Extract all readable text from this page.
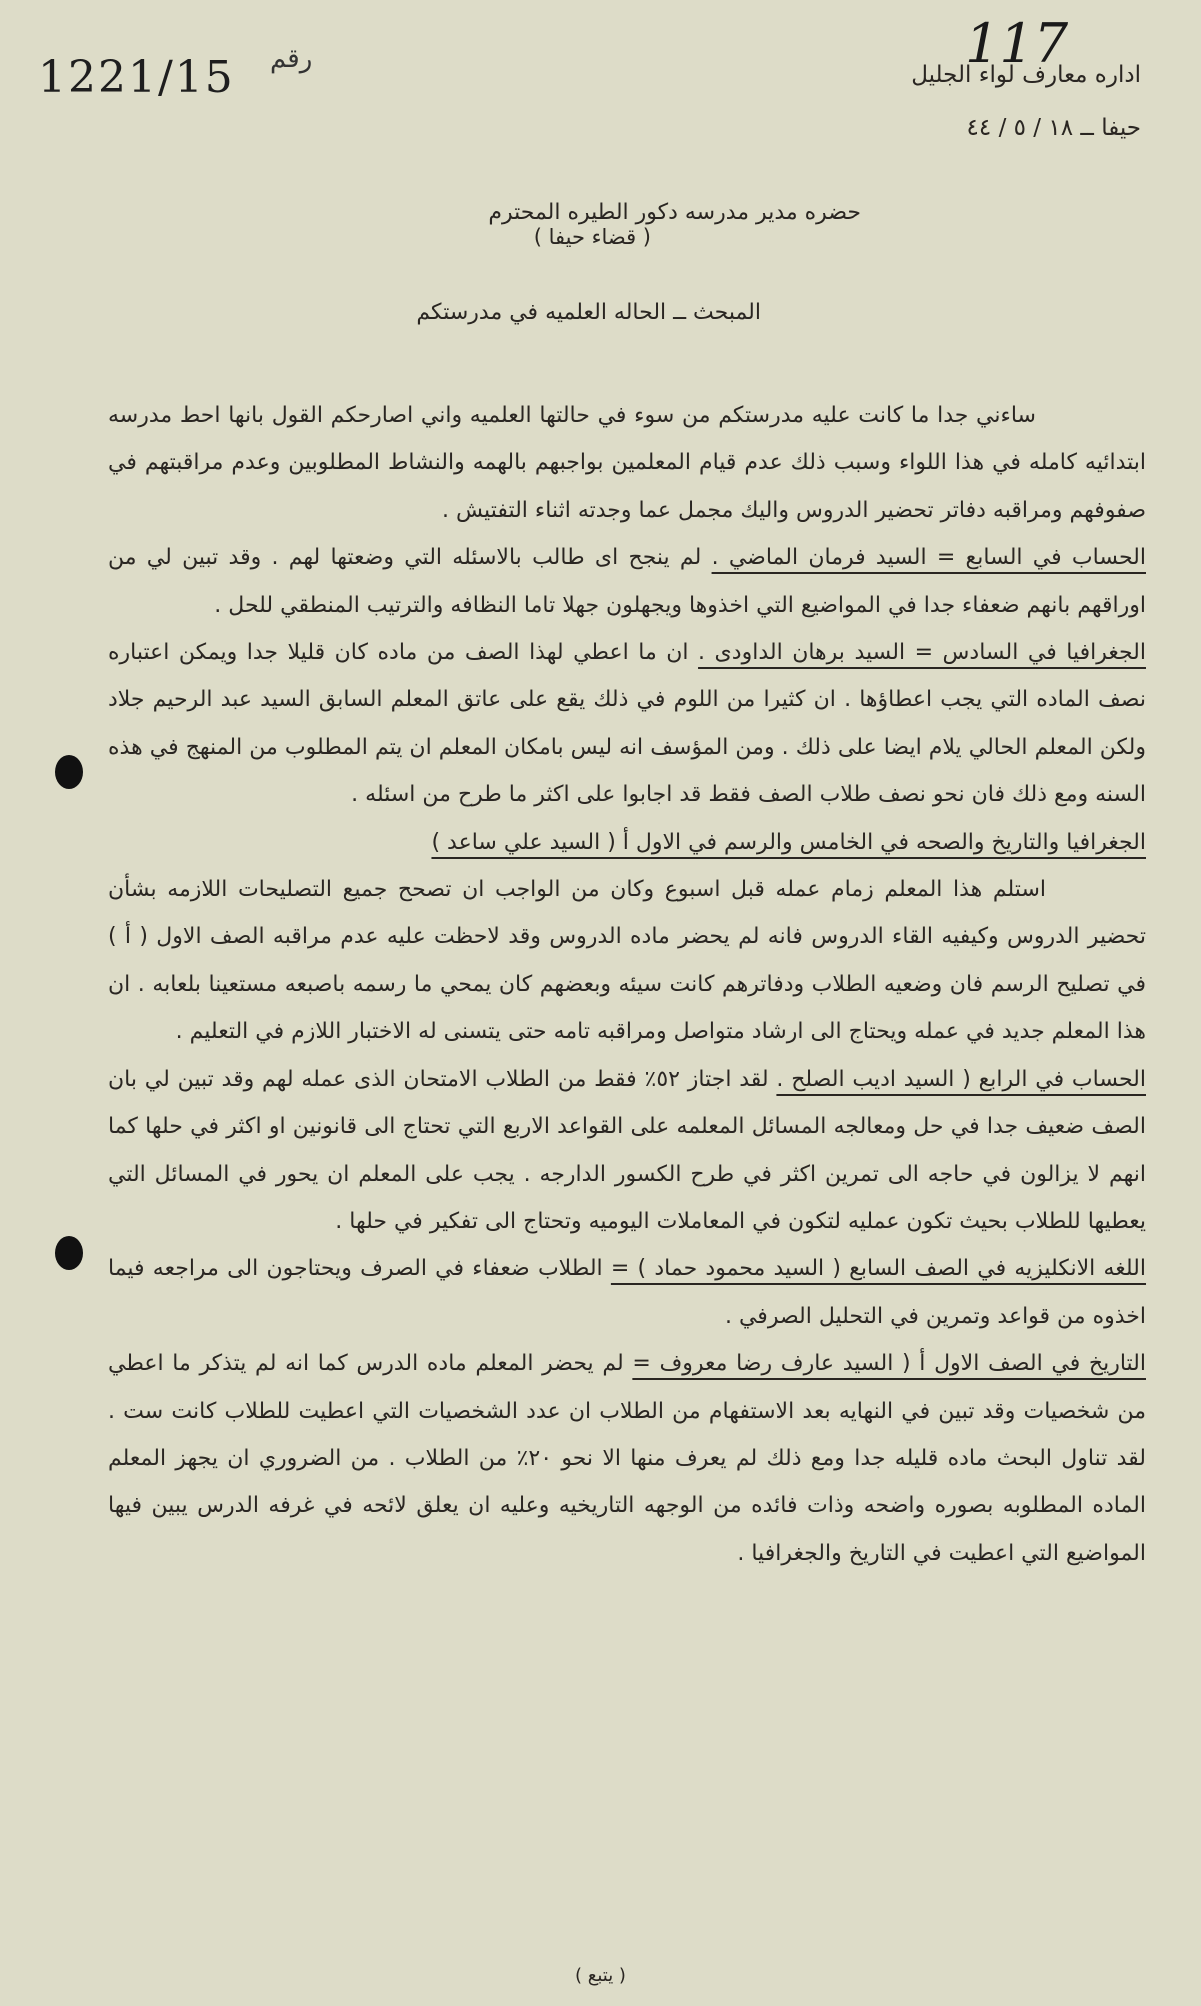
117
1221/15 رقم
اداره معارف لواء الجليل
حيفا ــ ١٨ / ٥ / ٤٤
حضره مدير مدرسه دكور الطيره المحترم
( قضاء حيفا )
المبحث ــ الحاله العلميه في مدرستكم

ساءني جدا ما كانت عليه مدرستكم من سوء في حالتها العلميه واني اصارحكم القول بانها احط مدرسه ابتدائيه كامله في هذا اللواء وسبب ذلك عدم قيام المعلمين بواجبهم بالهمه والنشاط المطلوبين وعدم مراقبتهم في صفوفهم ومراقبه دفاتر تحضير الدروس واليك مجمل عما وجدته اثناء التفتيش .

الحساب في السابع = السيد فرمان الماضي . لم ينجح اى طالب بالاسئله التي وضعتها لهم . وقد تبين لي من اوراقهم بانهم ضعفاء جدا في المواضيع التي اخذوها ويجهلون جهلا تاما النظافه والترتيب المنطقي للحل .

الجغرافيا في السادس = السيد برهان الداودى . ان ما اعطي لهذا الصف من ماده كان قليلا جدا ويمكن اعتباره نصف الماده التي يجب اعطاؤها . ان كثيرا من اللوم في ذلك يقع على عاتق المعلم السابق السيد عبد الرحيم جلاد ولكن المعلم الحالي يلام ايضا على ذلك . ومن المؤسف انه ليس بامكان المعلم ان يتم المطلوب من المنهج في هذه السنه ومع ذلك فان نحو نصف طلاب الصف فقط قد اجابوا على اكثر ما طرح من اسئله .

الجغرافيا والتاريخ والصحه في الخامس والرسم في الاول أ ( السيد علي ساعد )

استلم هذا المعلم زمام عمله قبل اسبوع وكان من الواجب ان تصحح جميع التصليحات اللازمه بشأن تحضير الدروس وكيفيه القاء الدروس فانه لم يحضر ماده الدروس وقد لاحظت عليه عدم مراقبه الصف الاول ( أ ) في تصليح الرسم فان وضعيه الطلاب ودفاترهم كانت سيئه وبعضهم كان يمحي ما رسمه باصبعه مستعينا بلعابه . ان هذا المعلم جديد في عمله ويحتاج الى ارشاد متواصل ومراقبه تامه حتى يتسنى له الاختبار اللازم في التعليم .

الحساب في الرابع ( السيد اديب الصلح . لقد اجتاز ٥٢٪ فقط من الطلاب الامتحان الذى عمله لهم وقد تبين لي بان الصف ضعيف جدا في حل ومعالجه المسائل المعلمه على القواعد الاربع التي تحتاج الى قانونين او اكثر في حلها كما انهم لا يزالون في حاجه الى تمرين اكثر في طرح الكسور الدارجه . يجب على المعلم ان يحور في المسائل التي يعطيها للطلاب بحيث تكون عمليه لتكون في المعاملات اليوميه وتحتاج الى تفكير في حلها .

اللغه الانكليزيه في الصف السابع ( السيد محمود حماد ) = الطلاب ضعفاء في الصرف ويحتاجون الى مراجعه فيما اخذوه من قواعد وتمرين في التحليل الصرفي .

التاريخ في الصف الاول أ ( السيد عارف رضا معروف = لم يحضر المعلم ماده الدرس كما انه لم يتذكر ما اعطي من شخصيات وقد تبين في النهايه بعد الاستفهام من الطلاب ان عدد الشخصيات التي اعطيت للطلاب كانت ست . لقد تناول البحث ماده قليله جدا ومع ذلك لم يعرف منها الا نحو ٢٠٪ من الطلاب . من الضروري ان يجهز المعلم الماده المطلوبه بصوره واضحه وذات فائده من الوجهه التاريخيه وعليه ان يعلق لائحه في غرفه الدرس يبين فيها المواضيع التي اعطيت في التاريخ والجغرافيا .

( يتبع )
